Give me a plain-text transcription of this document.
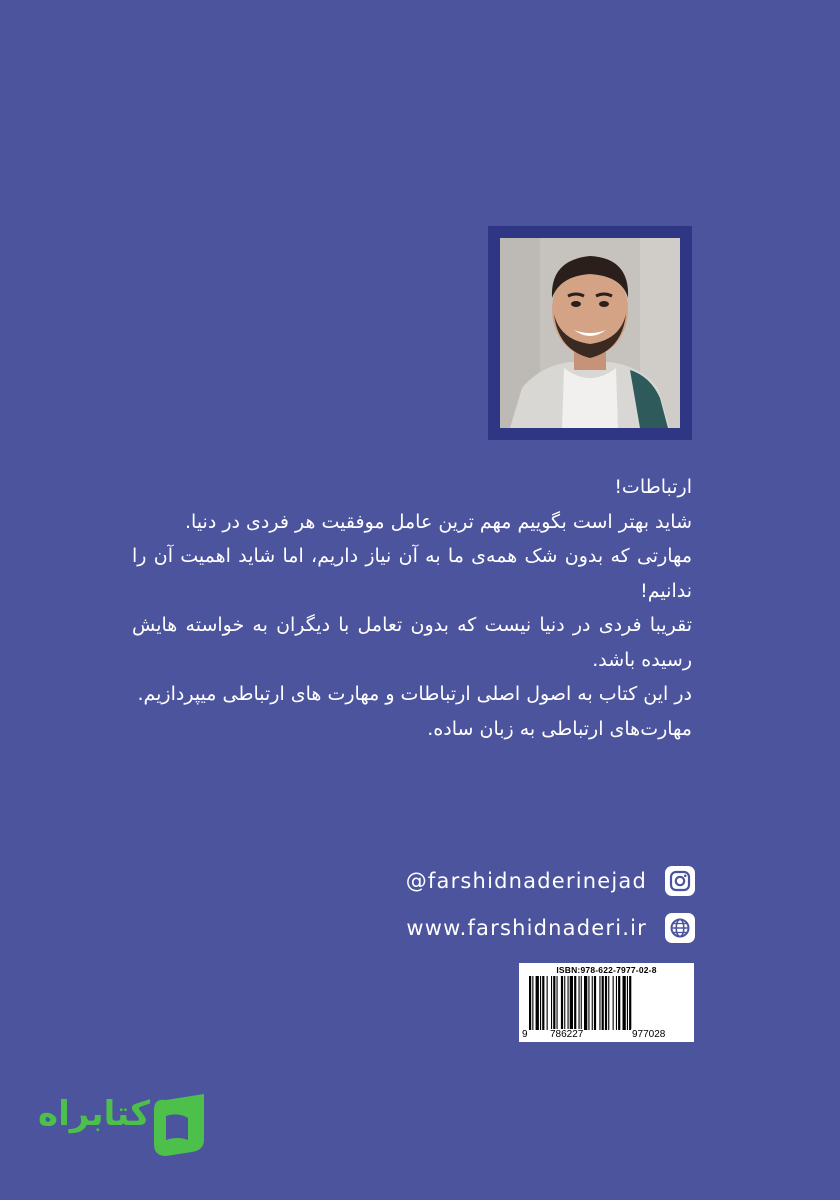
ارتباطات!

شاید بهتر است بگوییم مهم ترین عامل موفقیت هر فردی در دنیا.

مهارتی که بدون شک همه‌ی ما به آن نیاز داریم، اما شاید اهمیت آن را ندانیم!

تقریبا فردی در دنیا نیست که بدون تعامل با دیگران به خواسته هایش رسیده باشد.

در این کتاب به اصول اصلی ارتباطات و مهارت های ارتباطی میپردازیم.

مهارت‌های ارتباطی به زبان ساده.

@farshidnaderinejad
www.farshidnaderi.ir
ISBN:978-622-7977-02-8
9 786227	977028
کتابراه
